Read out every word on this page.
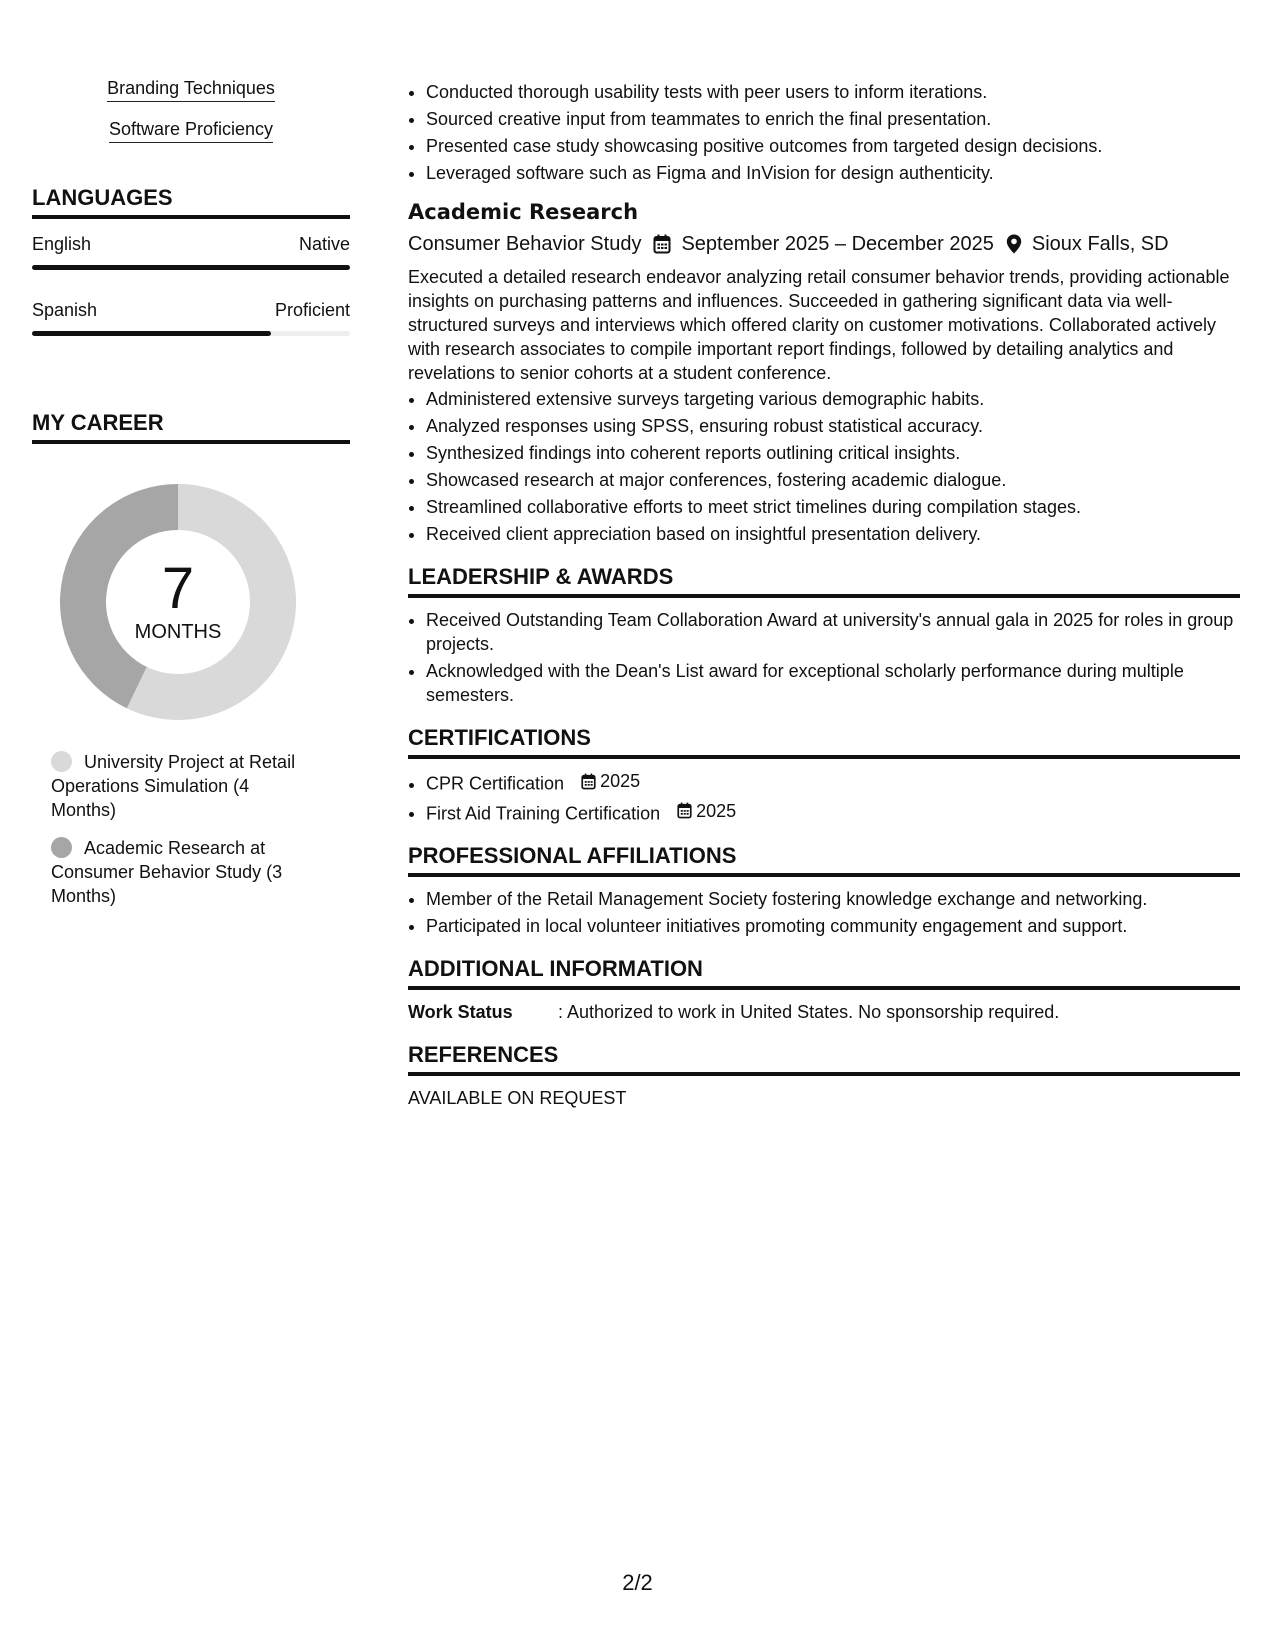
Branding Techniques
Software Proficiency
LANGUAGES
English	Native
Spanish	Proficient
MY CAREER
7
MONTHS
University Project at Retail Operations Simulation (4 Months)
Academic Research at Consumer Behavior Study (3 Months)
• Conducted thorough usability tests with peer users to inform iterations.
• Sourced creative input from teammates to enrich the final presentation.
• Presented case study showcasing positive outcomes from targeted design decisions.
• Leveraged software such as Figma and InVision for design authenticity.
Academic Research
Consumer Behavior Study September 2025 – December 2025 Sioux Falls, SD

Executed a detailed research endeavor analyzing retail consumer behavior trends, providing actionable insights on purchasing patterns and influences. Succeeded in gathering significant data via well-structured surveys and interviews which offered clarity on customer motivations. Collaborated actively with research associates to compile important report findings, followed by detailing analytics and revelations to senior cohorts at a student conference.

• Administered extensive surveys targeting various demographic habits.
• Analyzed responses using SPSS, ensuring robust statistical accuracy.
• Synthesized findings into coherent reports outlining critical insights.
• Showcased research at major conferences, fostering academic dialogue.
• Streamlined collaborative efforts to meet strict timelines during compilation stages.
• Received client appreciation based on insightful presentation delivery.
LEADERSHIP & AWARDS
• Received Outstanding Team Collaboration Award at university's annual gala in 2025 for roles in group projects.
• Acknowledged with the Dean's List award for exceptional scholarly performance during multiple semesters.
CERTIFICATIONS
• CPR Certification 2025
• First Aid Training Certification 2025
PROFESSIONAL AFFILIATIONS
• Member of the Retail Management Society fostering knowledge exchange and networking.
• Participated in local volunteer initiatives promoting community engagement and support.
ADDITIONAL INFORMATION
Work Status	: Authorized to work in United States. No sponsorship required.
REFERENCES
AVAILABLE ON REQUEST
2/2
